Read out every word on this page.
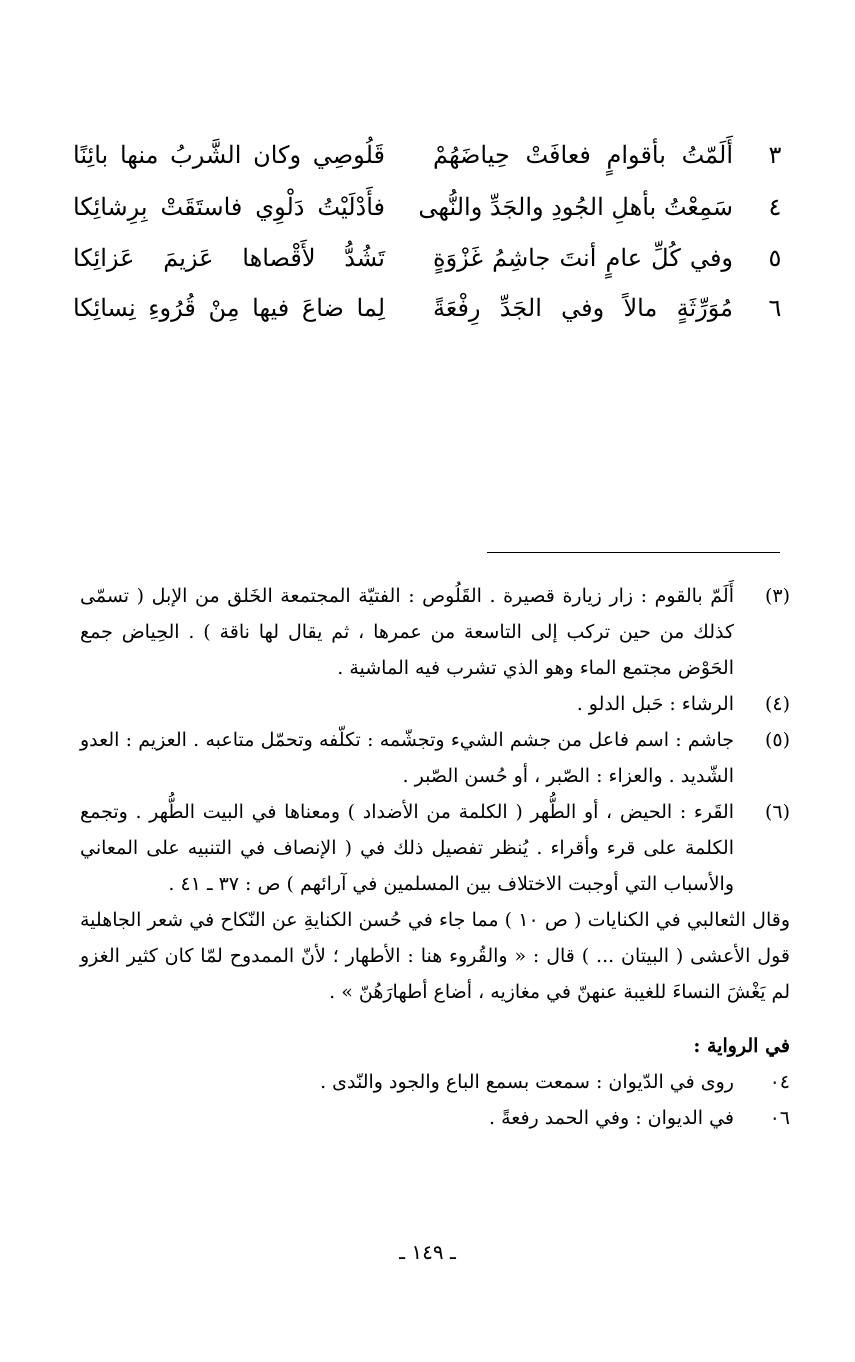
٣
أَلَمّتُ بأقوامٍ فعافَتْ حِياضَهُمْ
قَلُوصِي وكان الشَّربُ منها بائِنًا
٤
سَمِعْتُ بأهلِ الجُودِ والجَدِّ والنُّهى
فأَدْلَيْتُ دَلْوِي فاستَقَتْ بِرِشائِكا
٥
وفي كُلِّ عامٍ أنتَ جاشِمُ غَزْوَةٍ
تَشُدُّ لأَقْصاها عَزيمَ عَزائِكا
٦
مُوَرِّثَةٍ مالاً وفي الجَدِّ رِفْعَةً
لِما ضاعَ فيها مِنْ قُرُوءِ نِسائِكا
(٣)
أَلَمّ بالقوم : زار زيارة قصيرة . القَلُوص : الفتيّة المجتمعة الخَلق من الإبل ( تسمّى كذلك من حين تركب إلى التاسعة من عمرها ، ثم يقال لها ناقة ) . الحِياض جمع الحَوْض مجتمع الماء وهو الذي تشرب فيه الماشية .
(٤)
الرشاء : حَبل الدلو .
(٥)
جاشم : اسم فاعل من جشم الشيء وتجشّمه : تكلّفه وتحمّل متاعبه . العزيم : العدو الشّديد . والعزاء : الصّبر ، أو حُسن الصّبر .
(٦)
القَرء : الحيض ، أو الطُّهر ( الكلمة من الأضداد ) ومعناها في البيت الطُّهر . وتجمع الكلمة على قرء وأقراء . يُنظر تفصيل ذلك في ( الإنصاف في التنبيه على المعاني والأسباب التي أوجبت الاختلاف بين المسلمين في آرائهم ) ص : ٣٧ ـ ٤١ .
وقال الثعالبي في الكنايات ( ص ١٠ ) مما جاء في حُسن الكنايةِ عن النّكاح في شعر الجاهلية قول الأعشى ( البيتان ... ) قال : « والقُروء هنا : الأطهار ؛ لأنّ الممدوح لمّا كان كثير الغزو لم يَغْشَ النساءَ للغيبة عنهنّ في مغازيه ، أضاع أطهارَهُنّ » .
في الرواية :
٠٤
روى في الدّيوان : سمعت بسمع الباع والجود والنّدى .
٠٦
في الديوان : وفي الحمد رفعةً .
ـ ١٤٩ ـ
